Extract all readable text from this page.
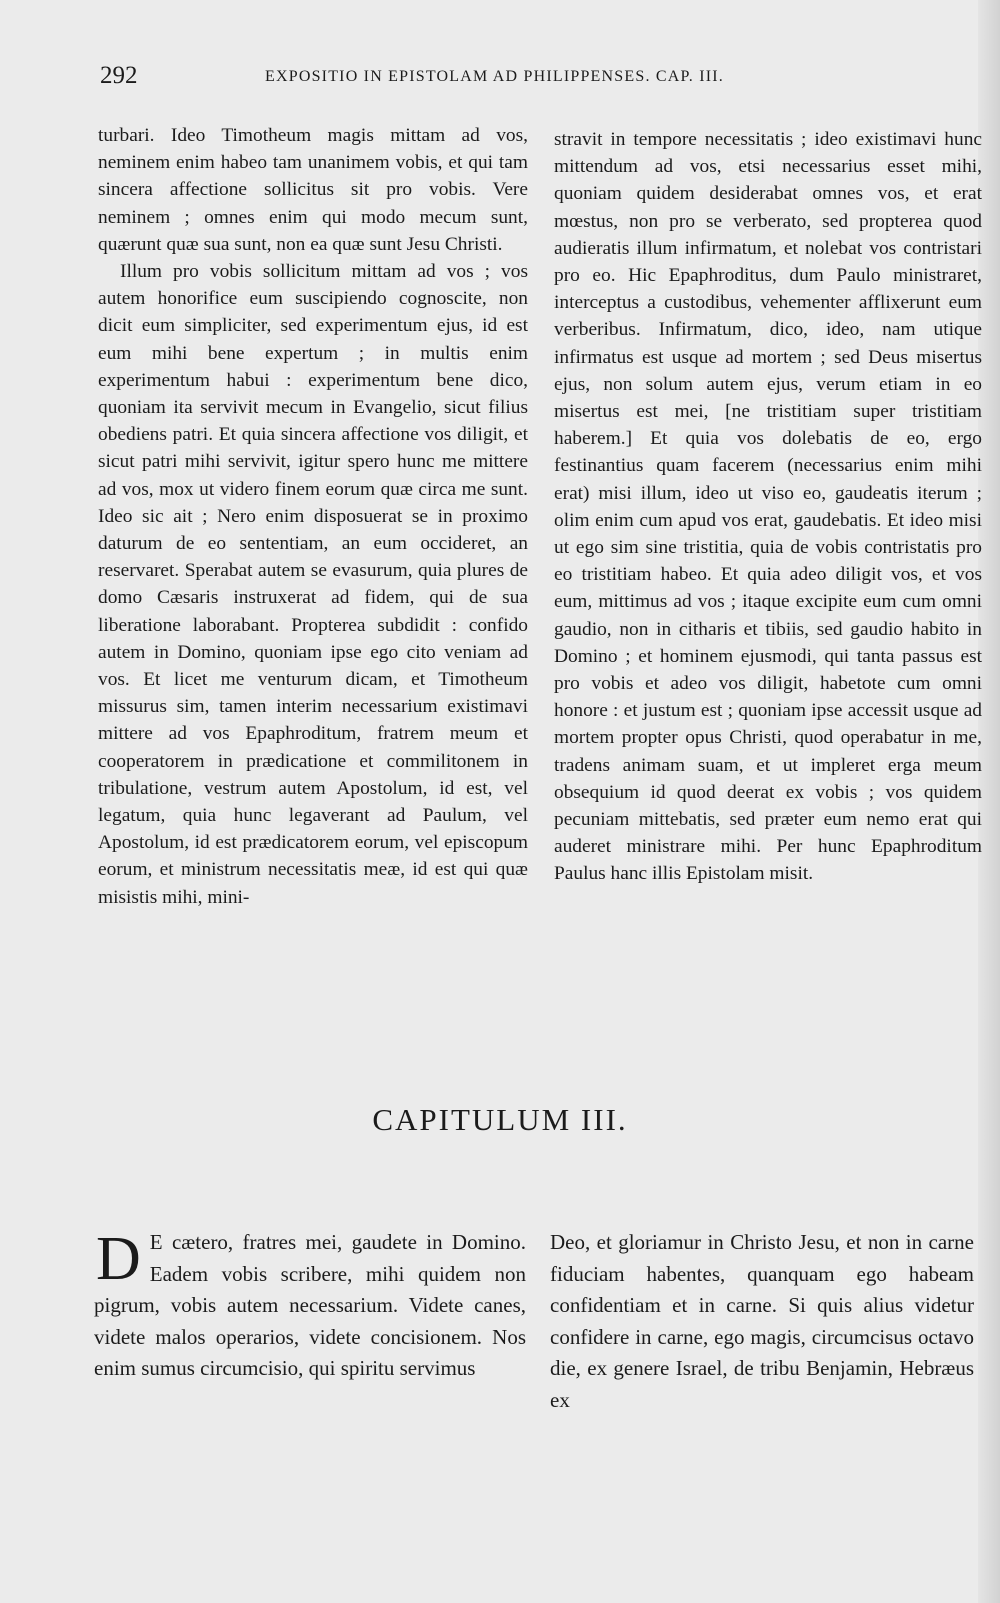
292	EXPOSITIO IN EPISTOLAM AD PHILIPPENSES. CAP. III.

turbari. Ideo Timotheum magis mittam ad vos, neminem enim habeo tam unanimem vobis, et qui tam sincera affectione sollicitus sit pro vobis. Vere neminem ; omnes enim qui modo mecum sunt, quærunt quæ sua sunt, non ea quæ sunt Jesu Christi.

Illum pro vobis sollicitum mittam ad vos ; vos autem honorifice eum suscipiendo cognoscite, non dicit eum simpliciter, sed experimentum ejus, id est eum mihi bene expertum ; in multis enim experimentum habui : experimentum bene dico, quoniam ita servivit mecum in Evangelio, sicut filius obediens patri. Et quia sincera affectione vos diligit, et sicut patri mihi servivit, igitur spero hunc me mittere ad vos, mox ut videro finem eorum quæ circa me sunt. Ideo sic ait ; Nero enim disposuerat se in proximo daturum de eo sententiam, an eum occideret, an reservaret. Sperabat autem se evasurum, quia plures de domo Cæsaris instruxerat ad fidem, qui de sua liberatione laborabant. Propterea subdidit : confido autem in Domino, quoniam ipse ego cito veniam ad vos. Et licet me venturum dicam, et Timotheum missurus sim, tamen interim necessarium existimavi mittere ad vos Epaphroditum, fratrem meum et cooperatorem in prædicatione et commilitonem in tribulatione, vestrum autem Apostolum, id est, vel legatum, quia hunc legaverant ad Paulum, vel Apostolum, id est prædicatorem eorum, vel episcopum eorum, et ministrum necessitatis meæ, id est qui quæ misistis mihi, mini-

stravit in tempore necessitatis ; ideo existimavi hunc mittendum ad vos, etsi necessarius esset mihi, quoniam quidem desiderabat omnes vos, et erat mœstus, non pro se verberato, sed propterea quod audieratis illum infirmatum, et nolebat vos contristari pro eo. Hic Epaphroditus, dum Paulo ministraret, interceptus a custodibus, vehementer afflixerunt eum verberibus. Infirmatum, dico, ideo, nam utique infirmatus est usque ad mortem ; sed Deus misertus ejus, non solum autem ejus, verum etiam in eo misertus est mei, [ne tristitiam super tristitiam haberem.] Et quia vos dolebatis de eo, ergo festinantius quam facerem (necessarius enim mihi erat) misi illum, ideo ut viso eo, gaudeatis iterum ; olim enim cum apud vos erat, gaudebatis. Et ideo misi ut ego sim sine tristitia, quia de vobis contristatis pro eo tristitiam habeo. Et quia adeo diligit vos, et vos eum, mittimus ad vos ; itaque excipite eum cum omni gaudio, non in citharis et tibiis, sed gaudio habito in Domino ; et hominem ejusmodi, qui tanta passus est pro vobis et adeo vos diligit, habetote cum omni honore : et justum est ; quoniam ipse accessit usque ad mortem propter opus Christi, quod operabatur in me, tradens animam suam, et ut impleret erga meum obsequium id quod deerat ex vobis ; vos quidem pecuniam mittebatis, sed præter eum nemo erat qui auderet ministrare mihi. Per hunc Epaphroditum Paulus hanc illis Epistolam misit.

CAPITULUM III.

D E cætero, fratres mei, gaudete in Domino. Eadem vobis scribere, mihi quidem non pigrum, vobis autem necessarium. Videte canes, videte malos operarios, videte concisionem. Nos enim sumus circumcisio, qui spiritu servimus

Deo, et gloriamur in Christo Jesu, et non in carne fiduciam habentes, quanquam ego habeam confidentiam et in carne. Si quis alius videtur confidere in carne, ego magis, circumcisus octavo die, ex genere Israel, de tribu Benjamin, Hebræus ex
